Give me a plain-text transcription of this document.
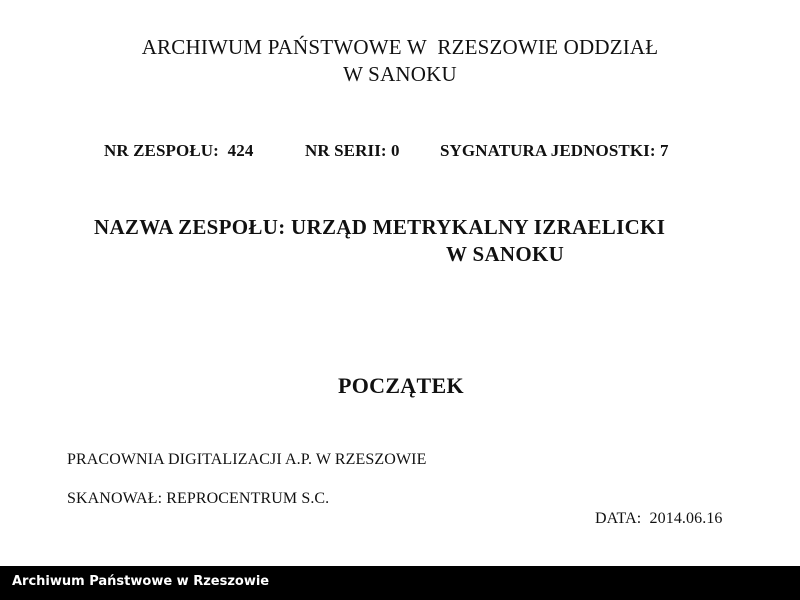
ARCHIWUM PAŃSTWOWE W  RZESZOWIE ODDZIAŁ
W SANOKU
NR ZESPOŁU:  424	NR SERII: 0 SYGNATURA JEDNOSTKI: 7
NAZWA ZESPOŁU: URZĄD METRYKALNY IZRAELICKI
W SANOKU
POCZĄTEK
PRACOWNIA DIGITALIZACJI A.P. W RZESZOWIE
SKANOWAŁ: REPROCENTRUM S.C.
DATA:  2014.06.16
Archiwum Państwowe w Rzeszowie
